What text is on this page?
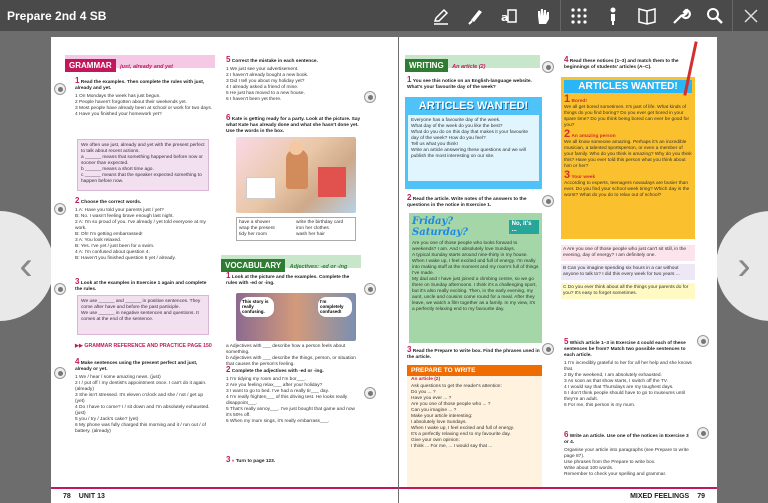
Prepare 2nd 4 SB	a
GRAMMAR just, already and yet
1 Read the examples. Then complete the rules with just, already and yet.
1 On Mondays the week has just begun.
2 People haven't forgotten about their weekends yet.
3 Most people have already been at school or work for two days.
4 Have you finished your homework yet?
We often use just, already and yet with the present perfect to talk about recent actions.
a ______ means that something happened before now or sooner than expected.
b ______ means a short time ago.
c ______ means that the speaker expected something to happen before now.
2 Choose the correct words.
1 A: Have you told your parents just / yet?
B: No. I wasn't feeling brave enough last night.
2 A: I'm so proud of you. I've already / yet told everyone at my work.
B: Oh! I'm getting embarrassed!
3 A: You look relaxed.
B: Yes. I've yet / just been for a swim.
4 A: I'm confused about question 4.
B: Haven't you finished question 5 yet / already.
3 Look at the examples in Exercise 1 again and complete the rules.
We use ______ and ______ in positive sentences. They come after have and before the past participle.
We use ______ in negative sentences and questions. It comes at the end of the sentence.
▶▶ GRAMMAR REFERENCE AND PRACTICE PAGE 150
4 Make sentences using the present perfect and just, already or yet.
1 We / hear / some amazing news. (just)
2 I / put off / my dentist's appointment once. I can't do it again. (already)
3 She isn't stressed. It's eleven o'clock and she / not / get up (yet)
4 Do I have to come? I / sit down and I'm absolutely exhausted. (just)
5 you / try / Jack's cake? (yet)
6 My phone was fully charged this morning and it / run out / of battery. (already)
5 Correct the mistake in each sentence.
1 We just see your advertisement.
2 I haven't already bought a new book.
3 Did I tell you about my holiday yet?
4 I already asked a friend of mine.
5 He just has moved to a new house.
6 I haven't been yet there.
6 Kate is getting ready for a party. Look at the picture. Say what Kate has already done and what she hasn't done yet. Use the words in the box.
have a shower	write the birthday card
wrap the present	iron her clothes
tidy her room	wash her hair
VOCABULARY Adjectives: -ed or -ing
1 Look at the picture and the examples. Complete the rules with -ed or -ing.
This story is really confusing.
I'm completely confused!
a Adjectives with ___ describe how a person feels about something.
b Adjectives with ___ describe the things, person, or situation that causes the person's feeling.
2 Complete the adjectives with -ed or -ing.
1 I'm tidying my room and I'm bor___.
2 Are you feeling relax___ after your holiday?
3 I want to go to bed. I've had a really tir___ day.
4 I'm really frighten___ of this driving test. He looks really disappoint___.
5 That's really annoy___. I've just bought that game and now it's 50% off.
6 When my mum sings, it's really embarrass___.
3 » Turn to page 123.
78 UNIT 13
WRITING An article (2)
1 You see this notice on an English-language website. What's your favourite day of the week?
ARTICLES WANTED!
Everyone has a favourite day of the week.
What day of the week do you like the best?
What do you do on this day that makes it your favourite day of the week? How do you feel?
Tell us what you think!
Write an article answering these questions and we will publish the most interesting on our site.
2 Read the article. Write notes of the answers to the questions in the notice in Exercise 1.
Friday? Saturday?
No, it's ...
Are you one of those people who looks forward to weekends? I am. And I absolutely love Sundays.
A typical Sunday starts around nine-thirty in my house. When I wake up, I feel excited and full of energy. I'm really into making stuff at the moment and my room's full of things I've made.
My dad and I have just joined a climbing centre, so we go there on Sunday afternoons. I think it's a challenging sport, but it's also really exciting. Then, in the early evening, my aunt, uncle and cousins come round for a meal. After they leave, we watch a film together as a family. In my view, it's a perfectly relaxing end to my favourite day.
3 Read the Prepare to write box. Find the phrases used in the article.
PREPARE TO WRITE
An article (2)
Ask questions to get the reader's attention:
Do you ... ?
Have you ever ... ?
Are you one of those people who ... ?
Can you imagine ... ?
Make your article interesting:
I absolutely love Sundays.
When I wake up, I feel excited and full of energy.
It's a perfectly relaxing end to my favourite day.
Give your own opinion:
I think ... For me, ... I would say that ...
4 Read these notices (1–3) and match them to the beginnings of students' articles (A–C).
ARTICLES WANTED!
1 Bored!
We all get bored sometimes. It's part of life. What kinds of things do you find boring? Do you ever get bored in your spare time? Do you think being bored can ever be good for you?
2 An amazing person
We all know someone amazing. Perhaps it's an incredible musician, a talented sportsperson, or even a member of your family. Who do you think is amazing? Why do you think this? Have you ever told this person what you think about him or her?
3 Your week
According to experts, teenagers nowadays are busier than ever. Do you find your school week tiring? Which day is the worst? What do you do to relax out of school?
A Are you one of those people who just can't sit still, in the evening, day of energy? I am definitely one.
B Can you imagine spending six hours in a car without anyone to talk to? I did this every week for two years ...
C Do you ever think about all the things your parents do for you? It's easy to forget sometimes.
5 Which article 1–3 in Exercise 4 could each of these sentences be from? Match two possible sentences to each article.
1 I'm incredibly grateful to her for all her help and she knows that.
2 By the weekend, I am absolutely exhausted.
3 As soon as that show starts, I switch off the TV.
4 I would say that Thursdays are my toughest days.
5 I don't think people should have to go to museums until they're an adult.
6 For me, this person is my mum.
6 Write an article. Use one of the notices in Exercise 3 or 4.
Organise your article into paragraphs (see Prepare to write page 87).
Use phrases from the Prepare to write box.
Write about 100 words.
Remember to check your spelling and grammar.
MIXED FEELINGS 79
‹	›
